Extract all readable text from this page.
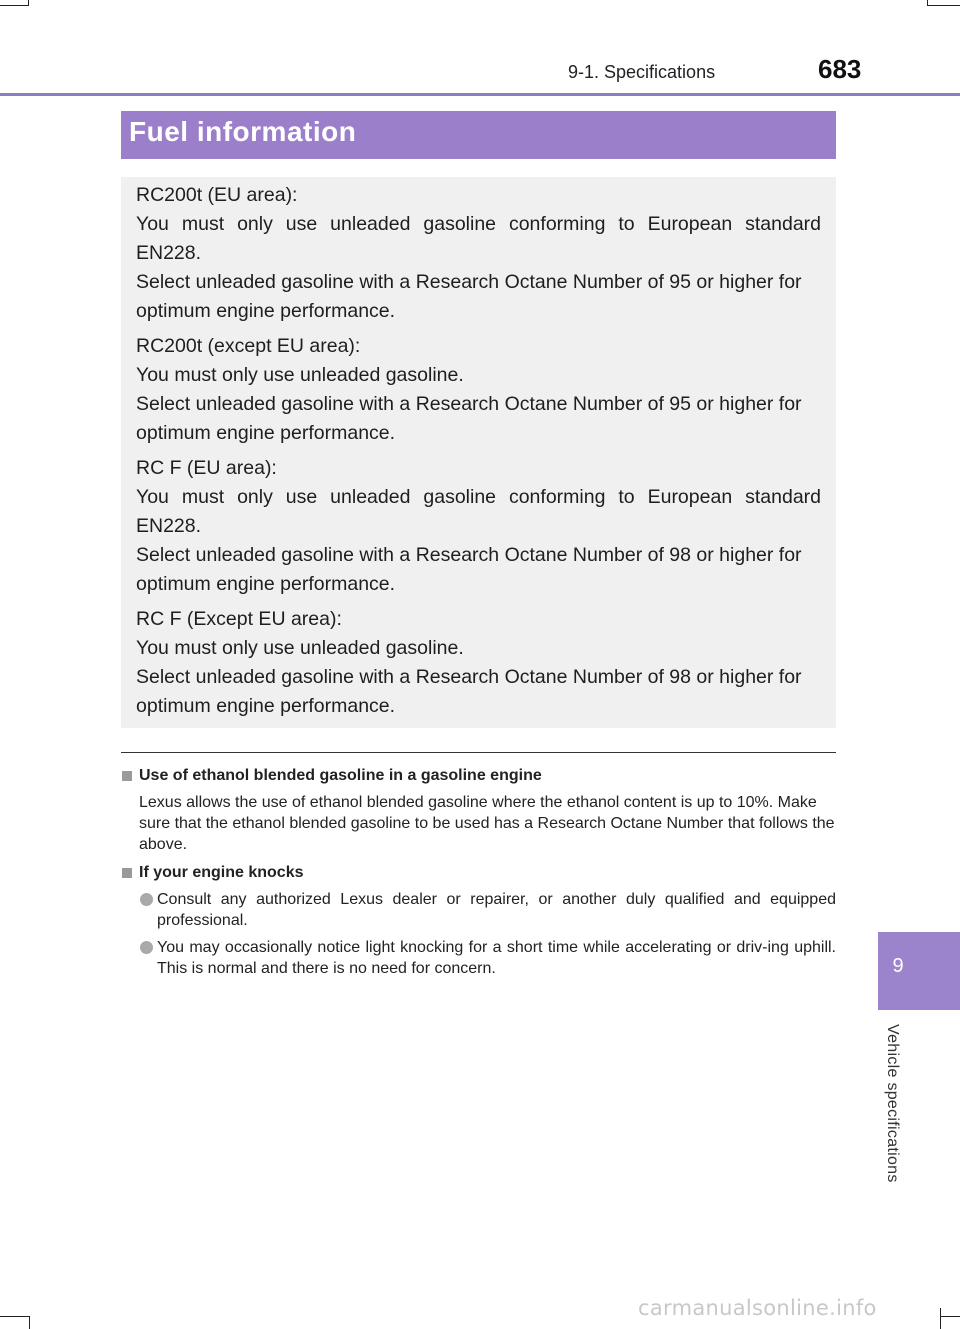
9-1. Specifications	683
9
Vehicle specifications
Fuel information

RC200t (EU area):

You must only use unleaded gasoline conforming to European standard EN228.

Select unleaded gasoline with a Research Octane Number of 95 or higher for optimum engine performance.

RC200t (except EU area):

You must only use unleaded gasoline.

Select unleaded gasoline with a Research Octane Number of 95 or higher for optimum engine performance.

RC F (EU area):

You must only use unleaded gasoline conforming to European standard EN228.

Select unleaded gasoline with a Research Octane Number of 98 or higher for optimum engine performance.

RC F (Except EU area):

You must only use unleaded gasoline.

Select unleaded gasoline with a Research Octane Number of 98 or higher for optimum engine performance.

Use of ethanol blended gasoline in a gasoline engine
Lexus allows the use of ethanol blended gasoline where the ethanol content is up to 10%. Make sure that the ethanol blended gasoline to be used has a Research Octane Number that follows the above.
If your engine knocks
Consult any authorized Lexus dealer or repairer, or another duly qualified and equipped professional.
You may occasionally notice light knocking for a short time while accelerating or driv-ing uphill. This is normal and there is no need for concern.
carmanualsonline.info
